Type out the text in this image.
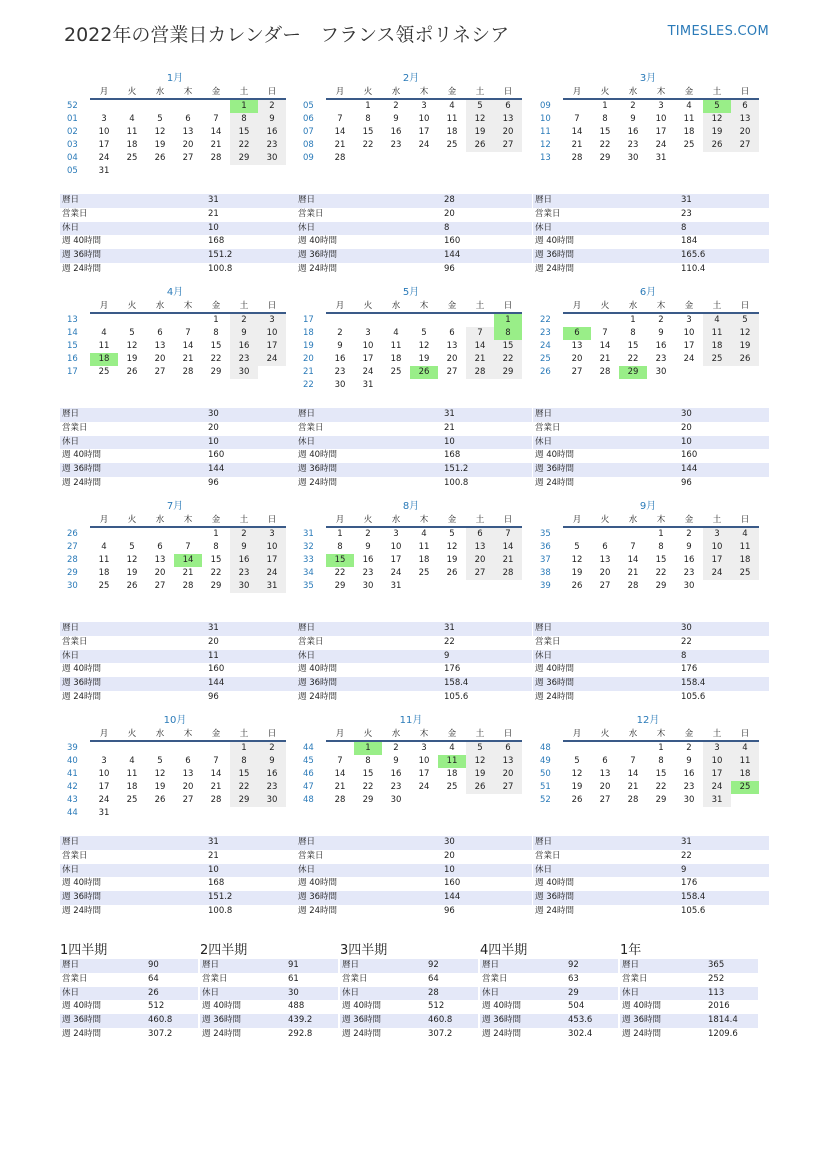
2022年の営業日カレンダー　フランス領ポリネシア	TIMESLES.COM
1月
	月	火	水	木	金	土	日
52						1	2
01	3	4	5	6	7	8	9
02	10	11	12	13	14	15	16
03	17	18	19	20	21	22	23
04	24	25	26	27	28	29	30
05	31						
暦日	31
営業日	21
休日	10
週 40時間	168
週 36時間	151.2
週 24時間	100.8
2月
	月	火	水	木	金	土	日
05		1	2	3	4	5	6
06	7	8	9	10	11	12	13
07	14	15	16	17	18	19	20
08	21	22	23	24	25	26	27
09	28						
暦日	28
営業日	20
休日	8
週 40時間	160
週 36時間	144
週 24時間	96
3月
	月	火	水	木	金	土	日
09		1	2	3	4	5	6
10	7	8	9	10	11	12	13
11	14	15	16	17	18	19	20
12	21	22	23	24	25	26	27
13	28	29	30	31			
暦日	31
営業日	23
休日	8
週 40時間	184
週 36時間	165.6
週 24時間	110.4
4月
	月	火	水	木	金	土	日
13					1	2	3
14	4	5	6	7	8	9	10
15	11	12	13	14	15	16	17
16	18	19	20	21	22	23	24
17	25	26	27	28	29	30	
暦日	30
営業日	20
休日	10
週 40時間	160
週 36時間	144
週 24時間	96
5月
	月	火	水	木	金	土	日
17							1
18	2	3	4	5	6	7	8
19	9	10	11	12	13	14	15
20	16	17	18	19	20	21	22
21	23	24	25	26	27	28	29
22	30	31					
暦日	31
営業日	21
休日	10
週 40時間	168
週 36時間	151.2
週 24時間	100.8
6月
	月	火	水	木	金	土	日
22			1	2	3	4	5
23	6	7	8	9	10	11	12
24	13	14	15	16	17	18	19
25	20	21	22	23	24	25	26
26	27	28	29	30			
暦日	30
営業日	20
休日	10
週 40時間	160
週 36時間	144
週 24時間	96
7月
	月	火	水	木	金	土	日
26					1	2	3
27	4	5	6	7	8	9	10
28	11	12	13	14	15	16	17
29	18	19	20	21	22	23	24
30	25	26	27	28	29	30	31
暦日	31
営業日	20
休日	11
週 40時間	160
週 36時間	144
週 24時間	96
8月
	月	火	水	木	金	土	日
31	1	2	3	4	5	6	7
32	8	9	10	11	12	13	14
33	15	16	17	18	19	20	21
34	22	23	24	25	26	27	28
35	29	30	31				
暦日	31
営業日	22
休日	9
週 40時間	176
週 36時間	158.4
週 24時間	105.6
9月
	月	火	水	木	金	土	日
35				1	2	3	4
36	5	6	7	8	9	10	11
37	12	13	14	15	16	17	18
38	19	20	21	22	23	24	25
39	26	27	28	29	30		
暦日	30
営業日	22
休日	8
週 40時間	176
週 36時間	158.4
週 24時間	105.6
10月
	月	火	水	木	金	土	日
39						1	2
40	3	4	5	6	7	8	9
41	10	11	12	13	14	15	16
42	17	18	19	20	21	22	23
43	24	25	26	27	28	29	30
44	31						
暦日	31
営業日	21
休日	10
週 40時間	168
週 36時間	151.2
週 24時間	100.8
11月
	月	火	水	木	金	土	日
44		1	2	3	4	5	6
45	7	8	9	10	11	12	13
46	14	15	16	17	18	19	20
47	21	22	23	24	25	26	27
48	28	29	30				
暦日	30
営業日	20
休日	10
週 40時間	160
週 36時間	144
週 24時間	96
12月
	月	火	水	木	金	土	日
48				1	2	3	4
49	5	6	7	8	9	10	11
50	12	13	14	15	16	17	18
51	19	20	21	22	23	24	25
52	26	27	28	29	30	31	
暦日	31
営業日	22
休日	9
週 40時間	176
週 36時間	158.4
週 24時間	105.6
1四半期
暦日	90
営業日	64
休日	26
週 40時間	512
週 36時間	460.8
週 24時間	307.2
2四半期
暦日	91
営業日	61
休日	30
週 40時間	488
週 36時間	439.2
週 24時間	292.8
3四半期
暦日	92
営業日	64
休日	28
週 40時間	512
週 36時間	460.8
週 24時間	307.2
4四半期
暦日	92
営業日	63
休日	29
週 40時間	504
週 36時間	453.6
週 24時間	302.4
1年
暦日	365
営業日	252
休日	113
週 40時間	2016
週 36時間	1814.4
週 24時間	1209.6
